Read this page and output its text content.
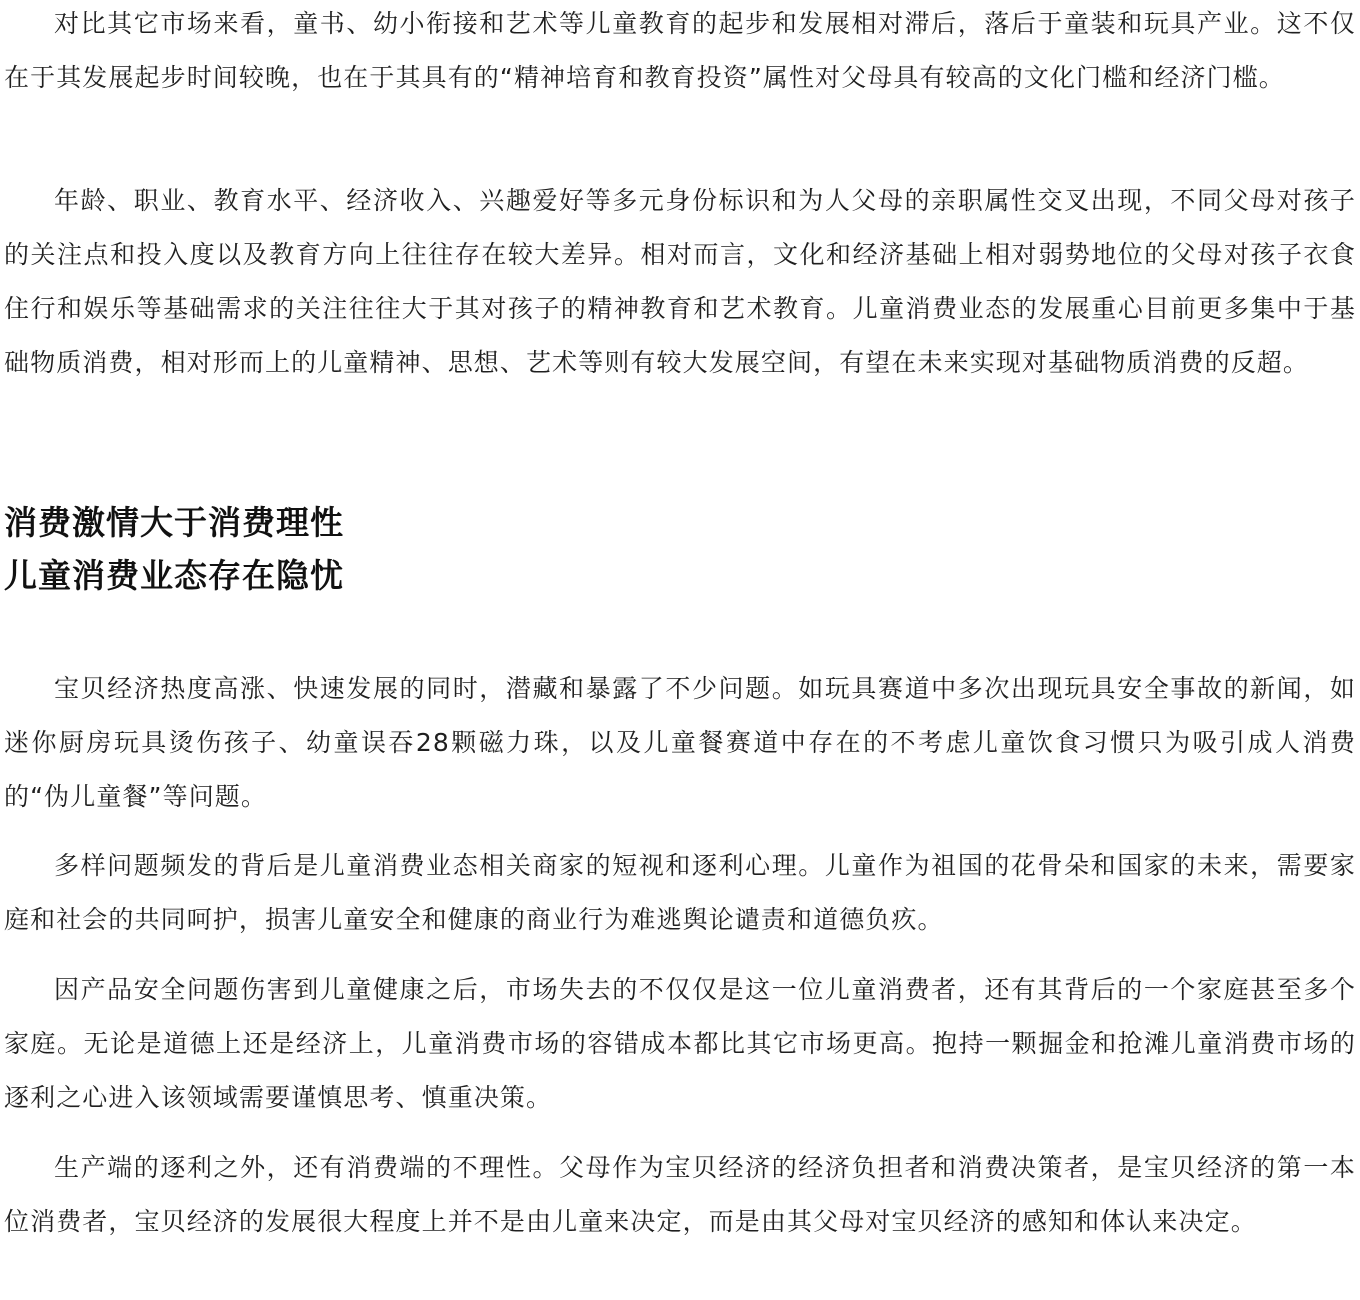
对比其它市场来看，童书、幼小衔接和艺术等儿童教育的起步和发展相对滞后，落后于童装和玩具产业。这不仅在于其发展起步时间较晚，也在于其具有的“精神培育和教育投资”属性对父母具有较高的文化门槛和经济门槛。

年龄、职业、教育水平、经济收入、兴趣爱好等多元身份标识和为人父母的亲职属性交叉出现，不同父母对孩子的关注点和投入度以及教育方向上往往存在较大差异。相对而言，文化和经济基础上相对弱势地位的父母对孩子衣食住行和娱乐等基础需求的关注往往大于其对孩子的精神教育和艺术教育。儿童消费业态的发展重心目前更多集中于基础物质消费，相对形而上的儿童精神、思想、艺术等则有较大发展空间，有望在未来实现对基础物质消费的反超。

消费激情大于消费理性
儿童消费业态存在隐忧

宝贝经济热度高涨、快速发展的同时，潜藏和暴露了不少问题。如玩具赛道中多次出现玩具安全事故的新闻，如迷你厨房玩具烫伤孩子、幼童误吞28颗磁力珠，以及儿童餐赛道中存在的不考虑儿童饮食习惯只为吸引成人消费的“伪儿童餐”等问题。

多样问题频发的背后是儿童消费业态相关商家的短视和逐利心理。儿童作为祖国的花骨朵和国家的未来，需要家庭和社会的共同呵护，损害儿童安全和健康的商业行为难逃舆论谴责和道德负疚。

因产品安全问题伤害到儿童健康之后，市场失去的不仅仅是这一位儿童消费者，还有其背后的一个家庭甚至多个家庭。无论是道德上还是经济上，儿童消费市场的容错成本都比其它市场更高。抱持一颗掘金和抢滩儿童消费市场的逐利之心进入该领域需要谨慎思考、慎重决策。

生产端的逐利之外，还有消费端的不理性。父母作为宝贝经济的经济负担者和消费决策者，是宝贝经济的第一本位消费者，宝贝经济的发展很大程度上并不是由儿童来决定，而是由其父母对宝贝经济的感知和体认来决定。
